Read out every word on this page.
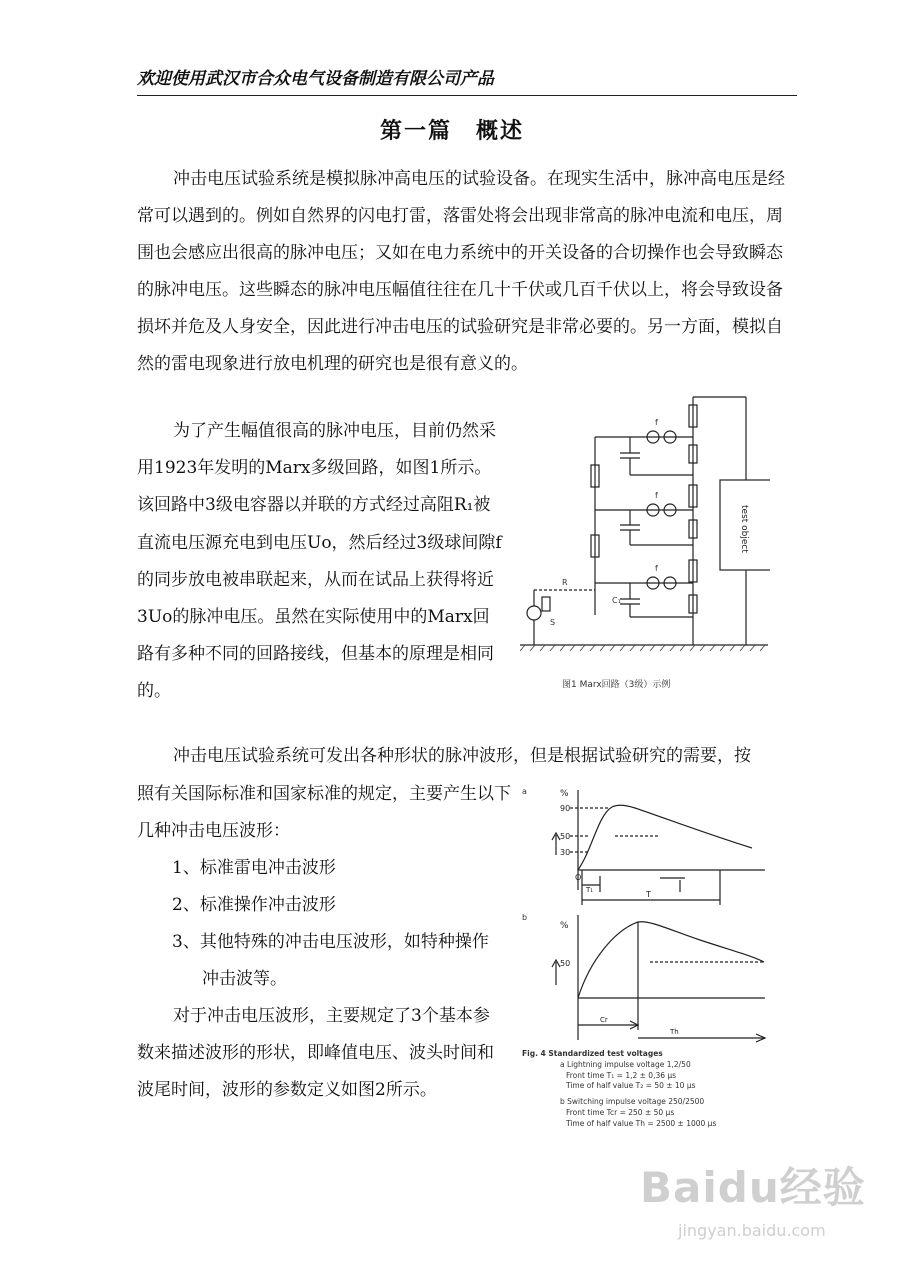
欢迎使用武汉市合众电气设备制造有限公司产品
第一篇　概述

冲击电压试验系统是模拟脉冲高电压的试验设备。在现实生活中，脉冲高电压是经常可以遇到的。例如自然界的闪电打雷，落雷处将会出现非常高的脉冲电流和电压，周围也会感应出很高的脉冲电压；又如在电力系统中的开关设备的合切操作也会导致瞬态的脉冲电压。这些瞬态的脉冲电压幅值往往在几十千伏或几百千伏以上，将会导致设备损坏并危及人身安全，因此进行冲击电压的试验研究是非常必要的。另一方面，模拟自然的雷电现象进行放电机理的研究也是很有意义的。

为了产生幅值很高的脉冲电压，目前仍然采用1923年发明的Marx多级回路，如图1所示。该回路中3级电容器以并联的方式经过高阻R₁被直流电压源充电到电压Uo，然后经过3级球间隙f的同步放电被串联起来，从而在试品上获得将近3Uo的脉冲电压。虽然在实际使用中的Marx回路有多种不同的回路接线，但基本的原理是相同的。

test object
f
f
f
C₁
R
S
图1 Marx回路（3级）示例

冲击电压试验系统可发出各种形状的脉冲波形，但是根据试验研究的需要，按

照有关国际标准和国家标准的规定，主要产生以下几种冲击电压波形：

1、标准雷电冲击波形
2、标准操作冲击波形
3、其他特殊的冲击电压波形，如特种操作
冲击波等。

对于冲击电压波形，主要规定了3个基本参数来描述波形的形状，即峰值电压、波头时间和波尾时间，波形的参数定义如图2所示。

a	%
90
50
30
O
T₁	T
b
%
50
Cr
Th
Fig. 4 Standardized test voltages
a Lightning impulse voltage 1,2/50
Front time T₁ = 1,2 ± 0,36 µs
Time of half value T₂ = 50 ± 10 µs
b Switching impulse voltage 250/2500
Front time Tcr = 250 ± 50 µs
Time of half value Th = 2500 ± 1000 µs
Baidu经验
jingyan.baidu.com
